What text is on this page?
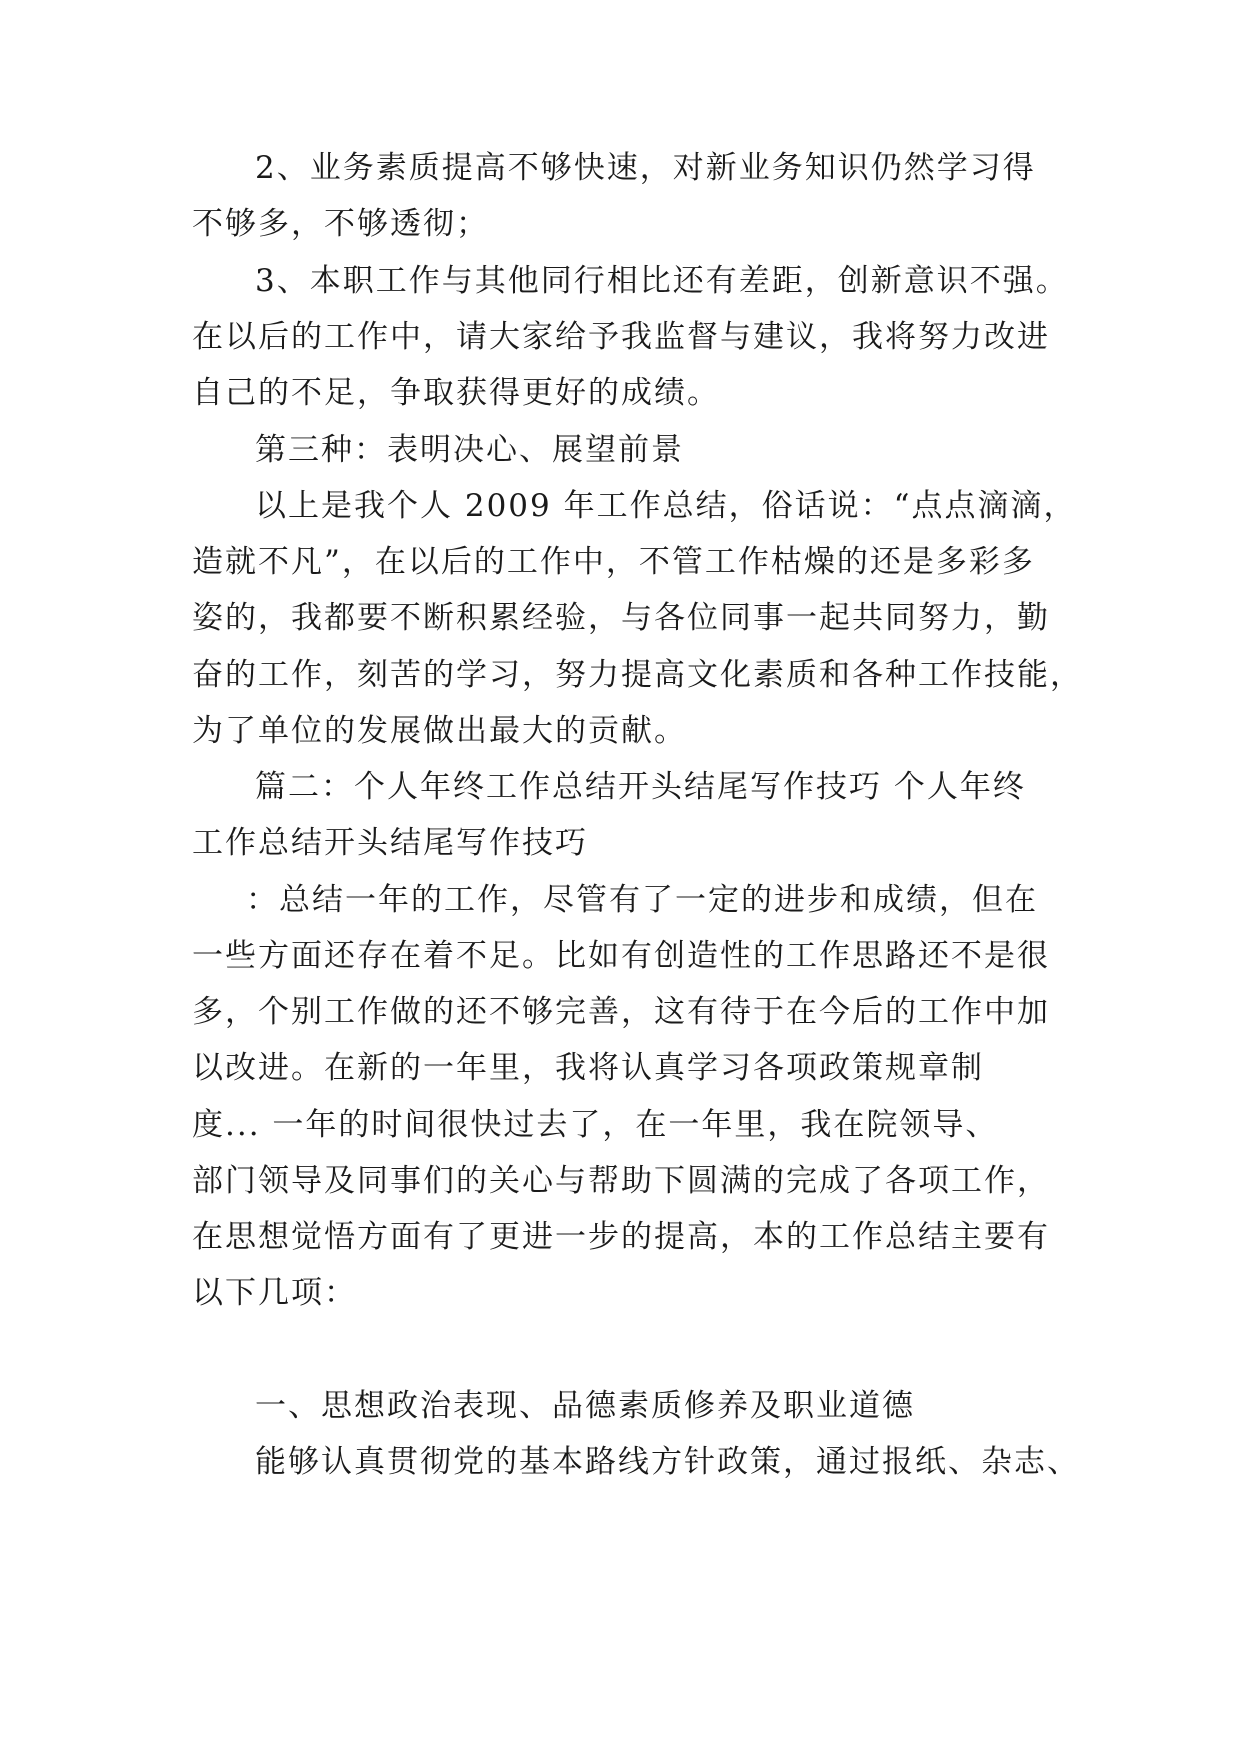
2、业务素质提高不够快速，对新业务知识仍然学习得
不够多，不够透彻；
3、本职工作与其他同行相比还有差距，创新意识不强。
在以后的工作中，请大家给予我监督与建议，我将努力改进
自己的不足，争取获得更好的成绩。
第三种：表明决心、展望前景
以上是我个人 2009 年工作总结，俗话说：“点点滴滴，
造就不凡”，在以后的工作中，不管工作枯燥的还是多彩多
姿的，我都要不断积累经验，与各位同事一起共同努力，勤
奋的工作，刻苦的学习，努力提高文化素质和各种工作技能，
为了单位的发展做出最大的贡献。
篇二：个人年终工作总结开头结尾写作技巧 个人年终
工作总结开头结尾写作技巧
：总结一年的工作，尽管有了一定的进步和成绩，但在
一些方面还存在着不足。比如有创造性的工作思路还不是很
多，个别工作做的还不够完善，这有待于在今后的工作中加
以改进。在新的一年里，我将认真学习各项政策规章制
度... 一年的时间很快过去了，在一年里，我在院领导、
部门领导及同事们的关心与帮助下圆满的完成了各项工作，
在思想觉悟方面有了更进一步的提高，本的工作总结主要有
以下几项：
一、思想政治表现、品德素质修养及职业道德
能够认真贯彻党的基本路线方针政策，通过报纸、杂志、
